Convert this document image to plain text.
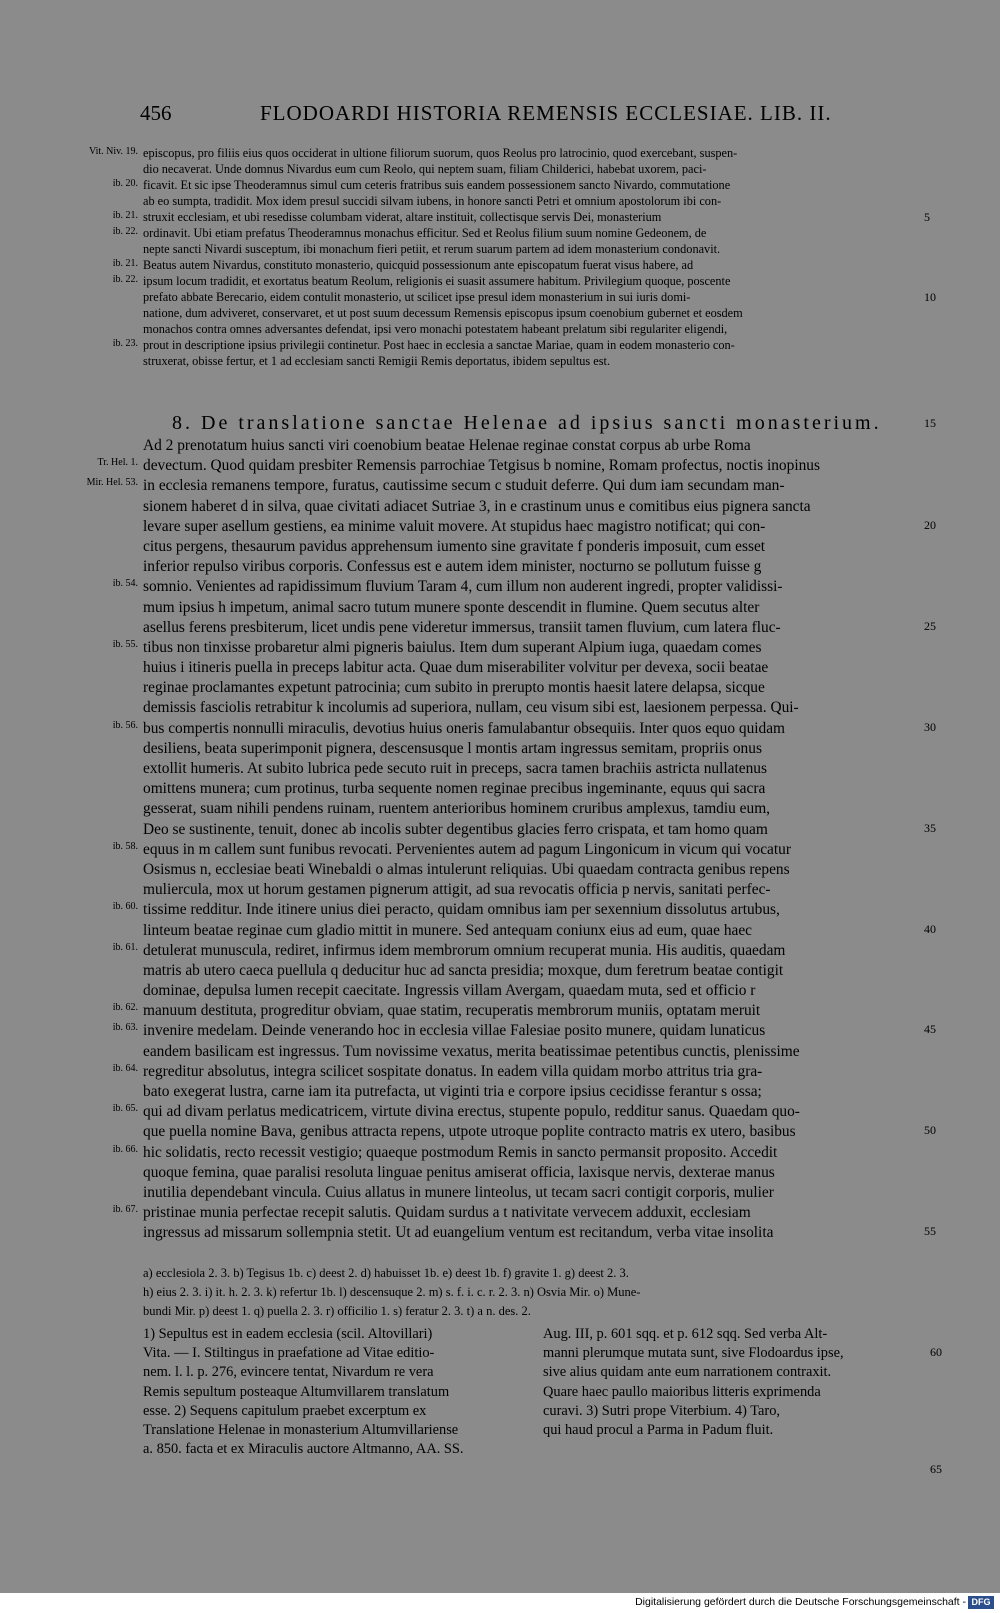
456	FLODOARDI HISTORIA REMENSIS ECCLESIAE. LIB. II.
Vit. Niv. 19. episcopus, pro filiis eius quos occiderat in ultione filiorum suorum, quos Reolus pro latrocinio, quod exercebant, suspen-
dio necaverat. Unde domnus Nivardus eum cum Reolo, qui neptem suam, filiam Childerici, habebat uxorem, paci-
ib. 20. ficavit. Et sic ipse Theoderamnus simul cum ceteris fratribus suis eandem possessionem sancto Nivardo, commutatione
ab eo sumpta, tradidit. Mox idem presul succidi silvam iubens, in honore sancti Petri et omnium apostolorum ibi con-
ib. 21. struxit ecclesiam, et ubi resedisse columbam viderat, altare instituit, collectisque servis Dei, monasterium	5
ib. 22. ordinavit. Ubi etiam prefatus Theoderamnus monachus efficitur. Sed et Reolus filium suum nomine Gedeonem, de
nepte sancti Nivardi susceptum, ibi monachum fieri petiit, et rerum suarum partem ad idem monasterium condonavit.
ib. 21. Beatus autem Nivardus, constituto monasterio, quicquid possessionum ante episcopatum fuerat visus habere, ad
ib. 22. ipsum locum tradidit, et exortatus beatum Reolum, religionis ei suasit assumere habitum. Privilegium quoque, poscente
prefato abbate Berecario, eidem contulit monasterio, ut scilicet ipse presul idem monasterium in sui iuris domi-	10
natione, dum adviveret, conservaret, et ut post suum decessum Remensis episcopus ipsum coenobium gubernet et eosdem
monachos contra omnes adversantes defendat, ipsi vero monachi potestatem habeant prelatum sibi regulariter eligendi,
ib. 23. prout in descriptione ipsius privilegii continetur. Post haec in ecclesia a sanctae Mariae, quam in eodem monasterio con-
struxerat, obisse fertur, et 1 ad ecclesiam sancti Remigii Remis deportatus, ibidem sepultus est.
8. De translatione sanctae Helenae ad ipsius sancti monasterium.	15
Ad 2 prenotatum huius sancti viri coenobium beatae Helenae reginae constat corpus ab urbe Roma
Tr. Hel. 1. devectum. Quod quidam presbiter Remensis parrochiae Tetgisus b nomine, Romam profectus, noctis inopinus
Mir. Hel. 53. in ecclesia remanens tempore, furatus, cautissime secum c studuit deferre. Qui dum iam secundam man-
sionem haberet d in silva, quae civitati adiacet Sutriae 3, in e crastinum unus e comitibus eius pignera sancta
levare super asellum gestiens, ea minime valuit movere. At stupidus haec magistro notificat; qui con-	20
citus pergens, thesaurum pavidus apprehensum iumento sine gravitate f ponderis imposuit, cum esset
inferior repulso viribus corporis. Confessus est e autem idem minister, nocturno se pollutum fuisse g
ib. 54. somnio. Venientes ad rapidissimum fluvium Taram 4, cum illum non auderent ingredi, propter validissi-
mum ipsius h impetum, animal sacro tutum munere sponte descendit in flumine. Quem secutus alter
asellus ferens presbiterum, licet undis pene videretur immersus, transiit tamen fluvium, cum latera fluc-	25
ib. 55. tibus non tinxisse probaretur almi pigneris baiulus. Item dum superant Alpium iuga, quaedam comes
huius i itineris puella in preceps labitur acta. Quae dum miserabiliter volvitur per devexa, socii beatae
reginae proclamantes expetunt patrocinia; cum subito in prerupto montis haesit latere delapsa, sicque
demissis fasciolis retrabitur k incolumis ad superiora, nullam, ceu visum sibi est, laesionem perpessa. Qui-
ib. 56. bus compertis nonnulli miraculis, devotius huius oneris famulabantur obsequiis. Inter quos equo quidam	30
desiliens, beata superimponit pignera, descensusque l montis artam ingressus semitam, propriis onus
extollit humeris. At subito lubrica pede secuto ruit in preceps, sacra tamen brachiis astricta nullatenus
omittens munera; cum protinus, turba sequente nomen reginae precibus ingeminante, equus qui sacra
gesserat, suam nihili pendens ruinam, ruentem anterioribus hominem cruribus amplexus, tamdiu eum,
Deo se sustinente, tenuit, donec ab incolis subter degentibus glacies ferro crispata, et tam homo quam	35
ib. 58. equus in m callem sunt funibus revocati. Pervenientes autem ad pagum Lingonicum in vicum qui vocatur
Osismus n, ecclesiae beati Winebaldi o almas intulerunt reliquias. Ubi quaedam contracta genibus repens
muliercula, mox ut horum gestamen pignerum attigit, ad sua revocatis officia p nervis, sanitati perfec-
ib. 60. tissime redditur. Inde itinere unius diei peracto, quidam omnibus iam per sexennium dissolutus artubus,
linteum beatae reginae cum gladio mittit in munere. Sed antequam coniunx eius ad eum, quae haec	40
ib. 61. detulerat munuscula, rediret, infirmus idem membrorum omnium recuperat munia. His auditis, quaedam
matris ab utero caeca puellula q deducitur huc ad sancta presidia; moxque, dum feretrum beatae contigit
dominae, depulsa lumen recepit caecitate. Ingressis villam Avergam, quaedam muta, sed et officio r
ib. 62. manuum destituta, progreditur obviam, quae statim, recuperatis membrorum muniis, optatam meruit
ib. 63. invenire medelam. Deinde venerando hoc in ecclesia villae Falesiae posito munere, quidam lunaticus	45
eandem basilicam est ingressus. Tum novissime vexatus, merita beatissimae petentibus cunctis, plenissime
ib. 64. regreditur absolutus, integra scilicet sospitate donatus. In eadem villa quidam morbo attritus tria gra-
bato exegerat lustra, carne iam ita putrefacta, ut viginti tria e corpore ipsius cecidisse ferantur s ossa;
ib. 65. qui ad divam perlatus medicatricem, virtute divina erectus, stupente populo, redditur sanus. Quaedam quo-
que puella nomine Bava, genibus attracta repens, utpote utroque poplite contracto matris ex utero, basibus	50
ib. 66. hic solidatis, recto recessit vestigio; quaeque postmodum Remis in sancto permansit proposito. Accedit
quoque femina, quae paralisi resoluta linguae penitus amiserat officia, laxisque nervis, dexterae manus
inutilia dependebant vincula. Cuius allatus in munere linteolus, ut tecam sacri contigit corporis, mulier
ib. 67. pristinae munia perfectae recepit salutis. Quidam surdus a t nativitate vervecem adduxit, ecclesiam
ingressus ad missarum sollempnia stetit. Ut ad euangelium ventum est recitandum, verba vitae insolita	55
a) ecclesiola 2. 3. b) Tegisus 1b. c) deest 2. d) habuisset 1b. e) deest 1b. f) gravite 1. g) deest 2. 3.
h) eius 2. 3. i) it. h. 2. 3. k) refertur 1b. l) descensuque 2. m) s. f. i. c. r. 2. 3. n) Osvia Mir. o) Mune-
bundi Mir. p) deest 1. q) puella 2. 3. r) officilio 1. s) feratur 2. 3. t) a n. des. 2.
1) Sepultus est in eadem ecclesia (scil. Altovillari)
Vita. — I. Stiltingus in praefatione ad Vitae editio-
nem. l. l. p. 276, evincere tentat, Nivardum re vera
Remis sepultum posteaque Altumvillarem translatum
esse. 2) Sequens capitulum praebet excerptum ex
Translatione Helenae in monasterium Altumvillariense
a. 850. facta et ex Miraculis auctore Altmanno, AA. SS.
Aug. III, p. 601 sqq. et p. 612 sqq. Sed verba Alt-
manni plerumque mutata sunt, sive Flodoardus ipse,
sive alius quidam ante eum narrationem contraxit.
Quare haec paullo maioribus litteris exprimenda
curavi. 3) Sutri prope Viterbium. 4) Taro,
qui haud procul a Parma in Padum fluit.
60
65
Digitalisierung gefördert durch die Deutsche Forschungsgemeinschaft - DFG
